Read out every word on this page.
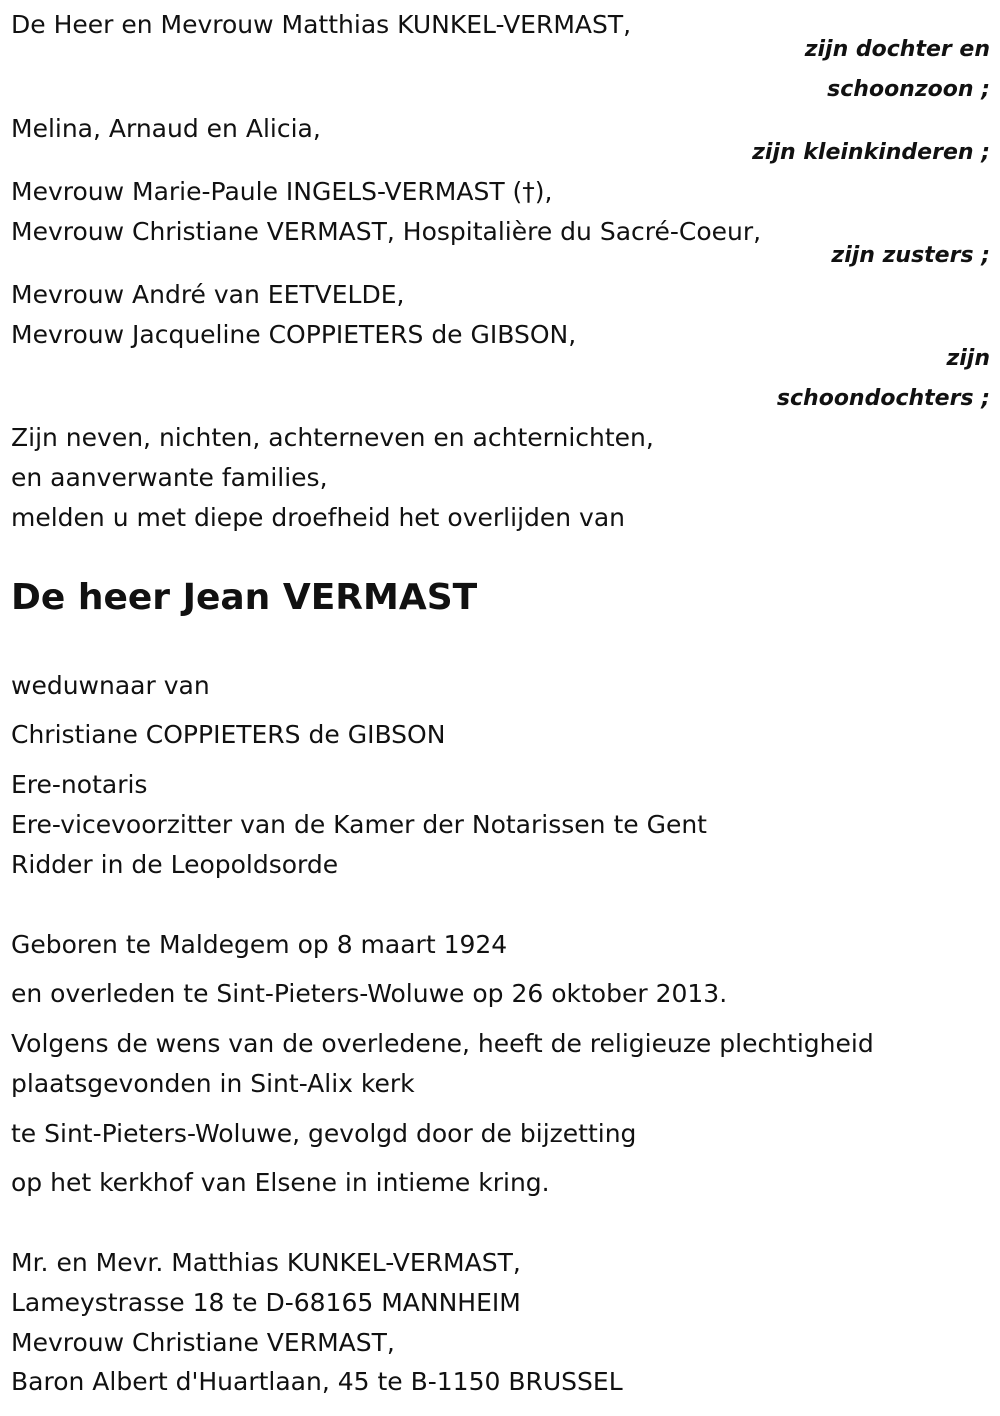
De Heer en Mevrouw Matthias KUNKEL-VERMAST,

zijn dochter en

schoonzoon ;

Melina, Arnaud en Alicia,

zijn kleinkinderen ;

Mevrouw Marie-Paule INGELS-VERMAST (†),

Mevrouw Christiane VERMAST, Hospitalière du Sacré-Coeur,

zijn zusters ;

Mevrouw André van EETVELDE,

Mevrouw Jacqueline COPPIETERS de GIBSON,

zijn

schoondochters ;

Zijn neven, nichten, achterneven en achternichten,

en aanverwante families,

melden u met diepe droefheid het overlijden van

De heer Jean VERMAST

weduwnaar van

Christiane COPPIETERS de GIBSON

Ere-notaris

Ere-vicevoorzitter van de Kamer der Notarissen te Gent

Ridder in de Leopoldsorde

Geboren te Maldegem op 8 maart 1924

en overleden te Sint-Pieters-Woluwe op 26 oktober 2013.

Volgens de wens van de overledene, heeft de religieuze plechtigheid

plaatsgevonden in Sint-Alix kerk

te Sint-Pieters-Woluwe, gevolgd door de bijzetting

op het kerkhof van Elsene in intieme kring.

Mr. en Mevr. Matthias KUNKEL-VERMAST,

Lameystrasse 18 te D-68165 MANNHEIM

Mevrouw Christiane VERMAST,

Baron Albert d'Huartlaan, 45 te B-1150 BRUSSEL
